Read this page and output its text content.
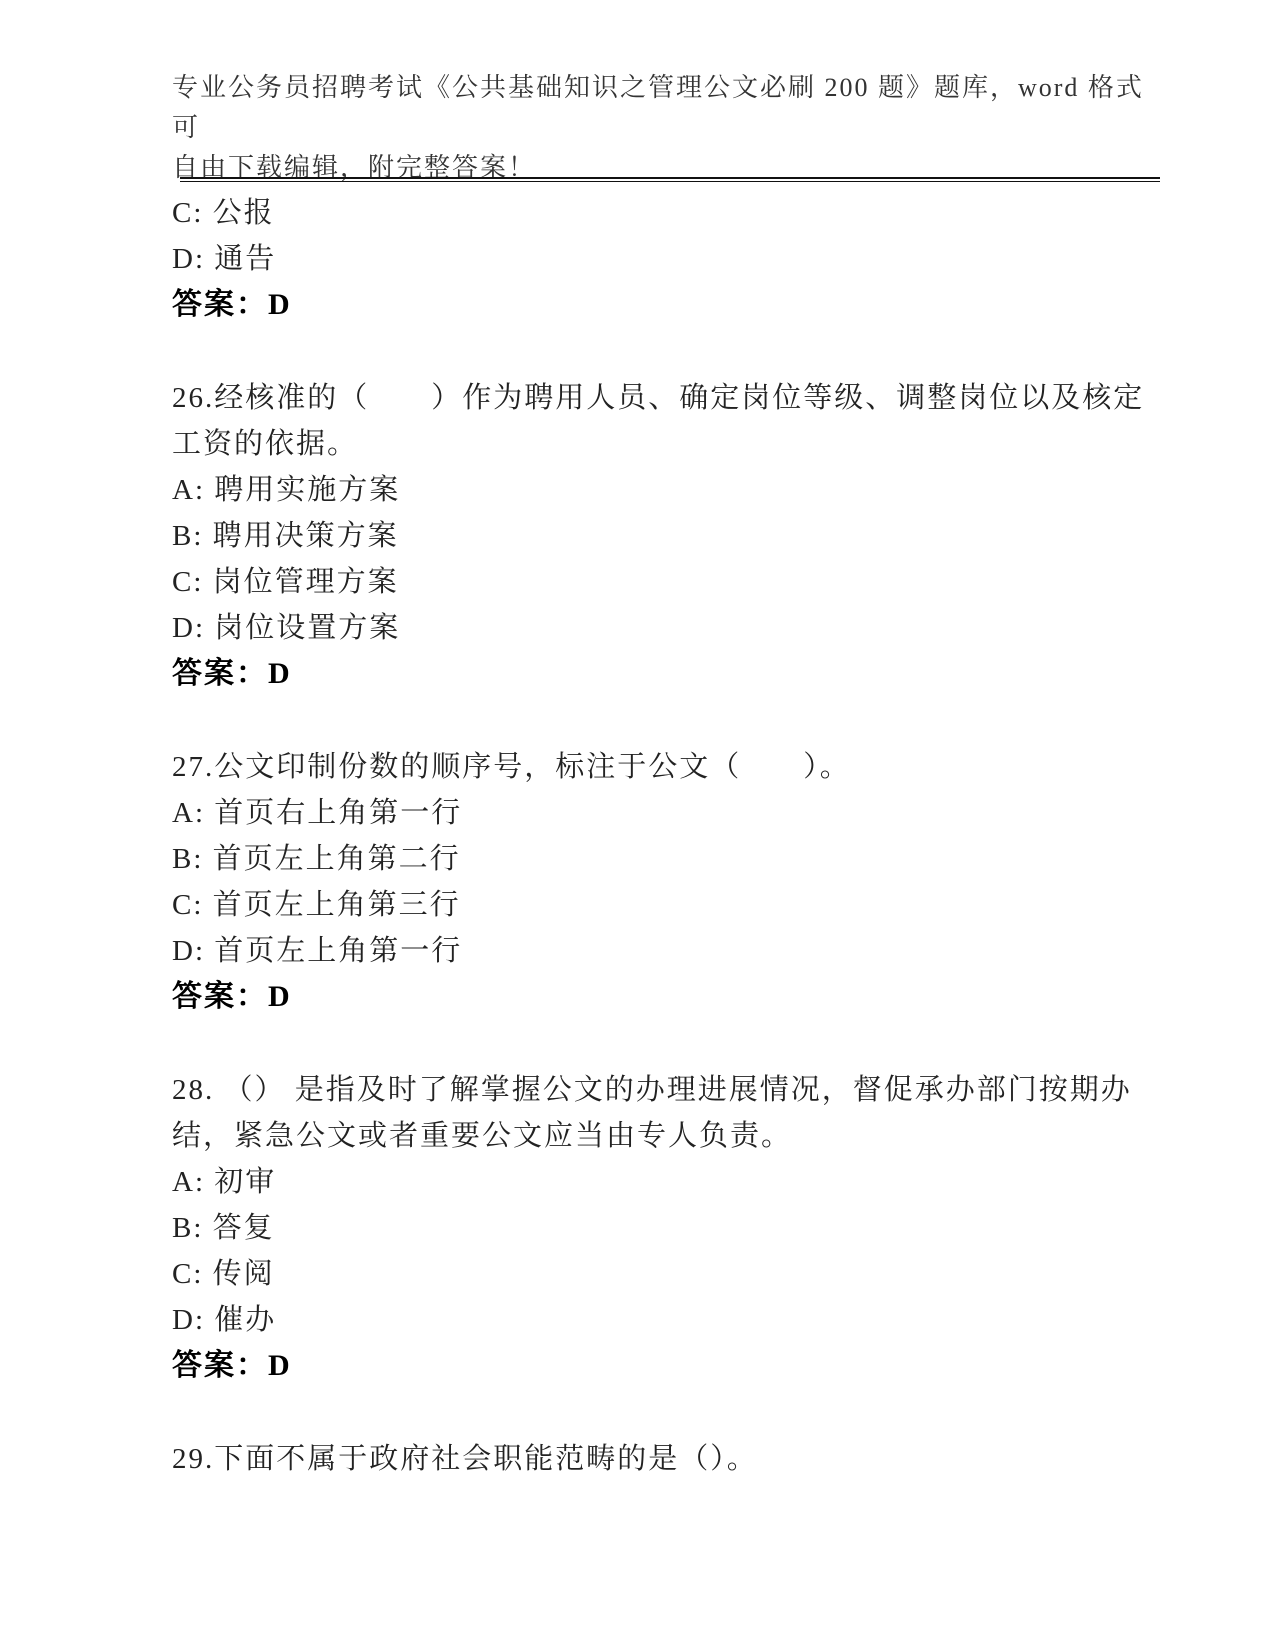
专业公务员招聘考试《公共基础知识之管理公文必刷 200 题》题库，word 格式可
自由下载编辑，附完整答案！

C: 公报

D: 通告

答案：D

26.经核准的（　　）作为聘用人员、确定岗位等级、调整岗位以及核定工资的依据。

A: 聘用实施方案

B: 聘用决策方案

C: 岗位管理方案

D: 岗位设置方案

答案：D

27.公文印制份数的顺序号，标注于公文（　　）。

A: 首页右上角第一行

B: 首页左上角第二行

C: 首页左上角第三行

D: 首页左上角第一行

答案：D

28. （） 是指及时了解掌握公文的办理进展情况，督促承办部门按期办结，紧急公文或者重要公文应当由专人负责。

A: 初审

B: 答复

C: 传阅

D: 催办

答案：D

29.下面不属于政府社会职能范畴的是（）。
